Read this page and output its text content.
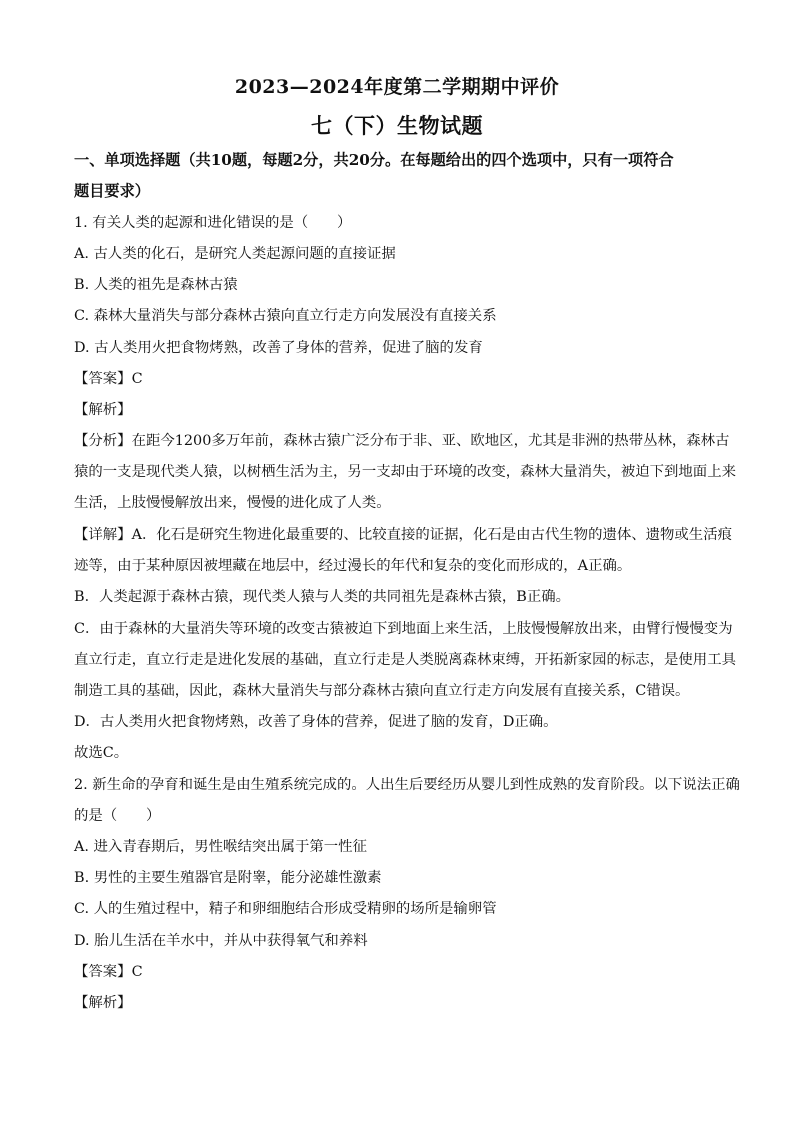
2023—2024年度第二学期期中评价
七（下）生物试题
一、单项选择题（共10题，每题2分，共20分。在每题给出的四个选项中，只有一项符合
题目要求）
1. 有关人类的起源和进化错误的是（　　）
A. 古人类的化石，是研究人类起源问题的直接证据
B. 人类的祖先是森林古猿
C. 森林大量消失与部分森林古猿向直立行走方向发展没有直接关系
D. 古人类用火把食物烤熟，改善了身体的营养，促进了脑的发育
【答案】C
【解析】
【分析】在距今1200多万年前，森林古猿广泛分布于非、亚、欧地区，尤其是非洲的热带丛林，森林古
猿的一支是现代类人猿，以树栖生活为主，另一支却由于环境的改变，森林大量消失，被迫下到地面上来
生活，上肢慢慢解放出来，慢慢的进化成了人类。
【详解】A．化石是研究生物进化最重要的、比较直接的证据，化石是由古代生物的遗体、遗物或生活痕
迹等，由于某种原因被埋藏在地层中，经过漫长的年代和复杂的变化而形成的，A正确。
B．人类起源于森林古猿，现代类人猿与人类的共同祖先是森林古猿，B正确。
C．由于森林的大量消失等环境的改变古猿被迫下到地面上来生活，上肢慢慢解放出来，由臂行慢慢变为
直立行走，直立行走是进化发展的基础，直立行走是人类脱离森林束缚，开拓新家园的标志，是使用工具
制造工具的基础，因此，森林大量消失与部分森林古猿向直立行走方向发展有直接关系，C错误。
D．古人类用火把食物烤熟，改善了身体的营养，促进了脑的发育，D正确。
故选C。
2. 新生命的孕育和诞生是由生殖系统完成的。人出生后要经历从婴儿到性成熟的发育阶段。以下说法正确
的是（　　）
A. 进入青春期后，男性喉结突出属于第一性征
B. 男性的主要生殖器官是附睾，能分泌雄性激素
C. 人的生殖过程中，精子和卵细胞结合形成受精卵的场所是输卵管
D. 胎儿生活在羊水中，并从中获得氧气和养料
【答案】C
【解析】
